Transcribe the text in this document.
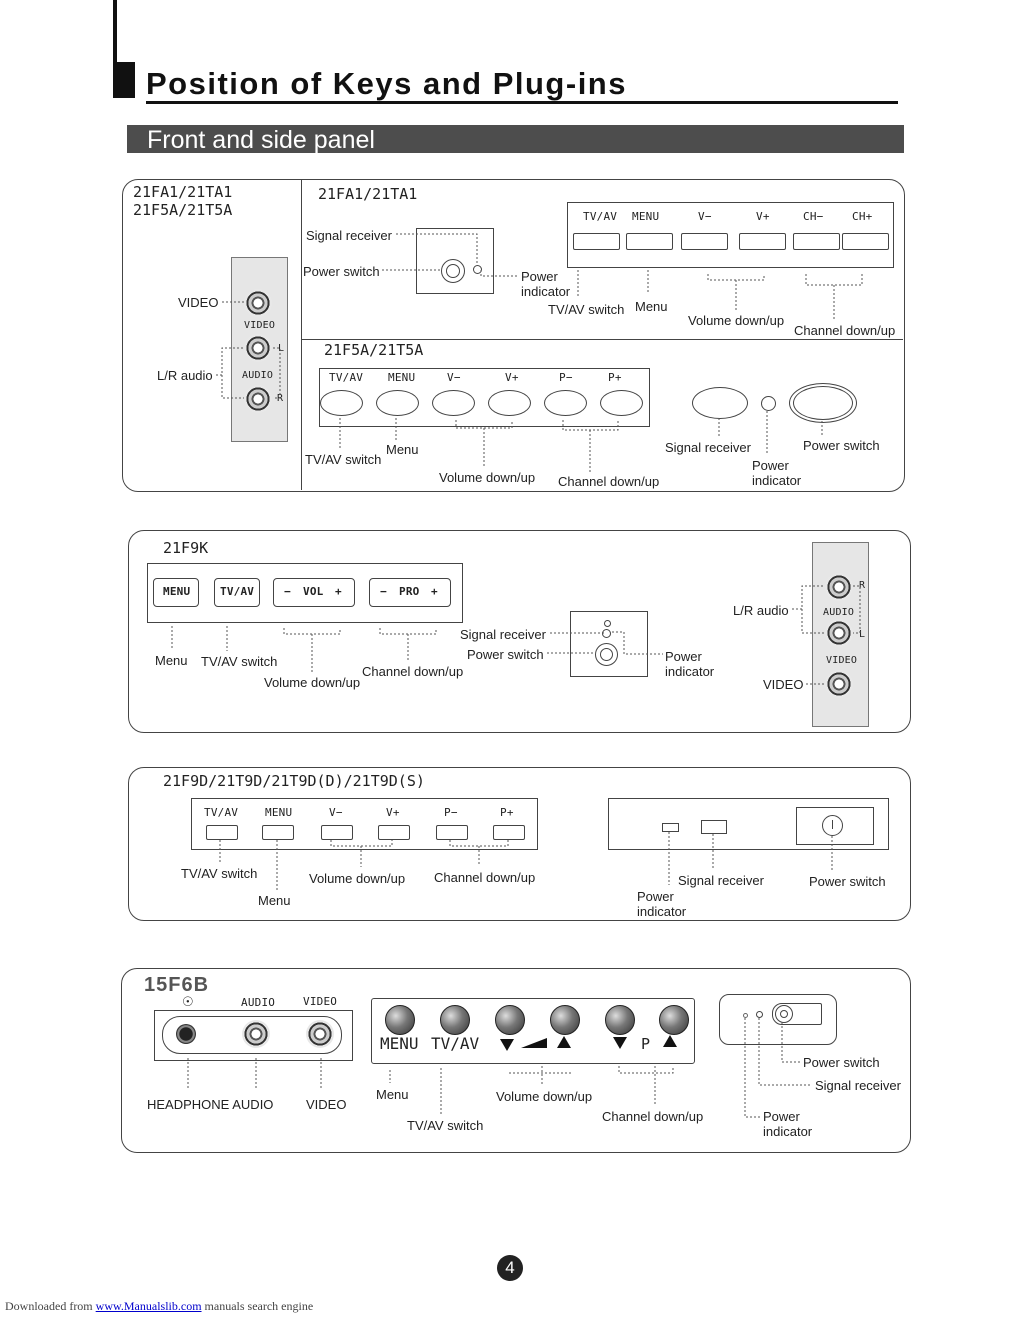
Position of Keys and Plug-ins
Front and side panel
21FA1/21TA1
21F5A/21T5A
VIDEO
L
AUDIO
R
VIDEO
L/R audio
21FA1/21TA1
Signal receiver
Power switch	Power
indicator
TV/AV MENU	V−	V+	CH−	CH+
TV/AV switch Menu
Volume down/up
Channel down/up
21F5A/21T5A
TV/AV MENU	V−	V+	P−	P+
TV/AV switch
Menu
Volume down/up Channel down/up
Signal receiver	Power switch
Power
indicator
21F9K
MENU	TV/AV	− VOL +	− PRO +
Menu TV/AV switch
Volume down/up
Channel down/up
Signal receiver
Power switch	Power
indicator
R
AUDIO
L
VIDEO
L/R audio
VIDEO
21F9D/21T9D/21T9D(D)/21T9D(S)
TV/AV MENU	V−	V+	P−	P+
TV/AV switch
Menu
Volume down/up Channel down/up
Power
indicator
Signal receiver	Power switch
15F6B
☉	AUDIO	VIDEO
MENU TV/AV	P
HEADPHONE AUDIO	VIDEO
Menu
TV/AV switch
Volume down/up
Channel down/up
Power switch
Signal receiver
Power
indicator
4
Downloaded from www.Manualslib.com manuals search engine
